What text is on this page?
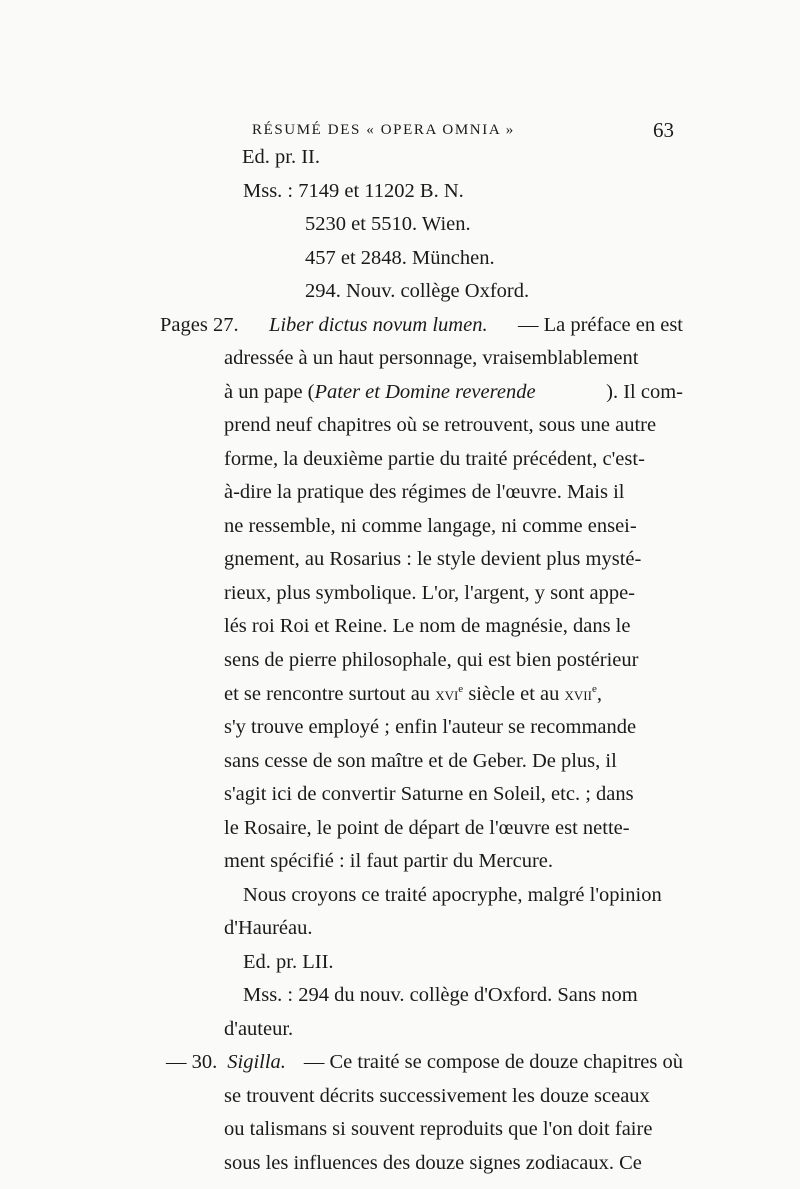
RÉSUMÉ DES « OPERA OMNIA »	63
Ed. pr. II.
Mss. : 7149 et 11202 B. N.
5230 et 5510. Wien.
457 et 2848. München.
294. Nouv. collège Oxford.
Pages 27. Liber dictus novum lumen. — La préface en est
adressée à un haut personnage, vraisemblablement
à un pape ( Pater et Domine reverende	). Il com-
prend neuf chapitres où se retrouvent, sous une autre
forme, la deuxième partie du traité précédent, c'est-
à-dire la pratique des régimes de l'œuvre. Mais il
ne ressemble, ni comme langage, ni comme ensei-
gnement, au Rosarius : le style devient plus mysté-
rieux, plus symbolique. L'or, l'argent, y sont appe-
lés roi Roi et Reine. Le nom de magnésie, dans le
sens de pierre philosophale, qui est bien postérieur
et se rencontre surtout au xvi$^e$ siècle et au xvii$^e$,
s'y trouve employé ; enfin l'auteur se recommande
sans cesse de son maître et de Geber. De plus, il
s'agit ici de convertir Saturne en Soleil, etc. ; dans
le Rosaire, le point de départ de l'œuvre est nette-
ment spécifié : il faut partir du Mercure.
Nous croyons ce traité apocryphe, malgré l'opinion
d'Hauréau.
Ed. pr. LII.
Mss. : 294 du nouv. collège d'Oxford. Sans nom
d'auteur.
— 30. Sigilla. — Ce traité se compose de douze chapitres où
se trouvent décrits successivement les douze sceaux
ou talismans si souvent reproduits que l'on doit faire
sous les influences des douze signes zodiacaux. Ce
